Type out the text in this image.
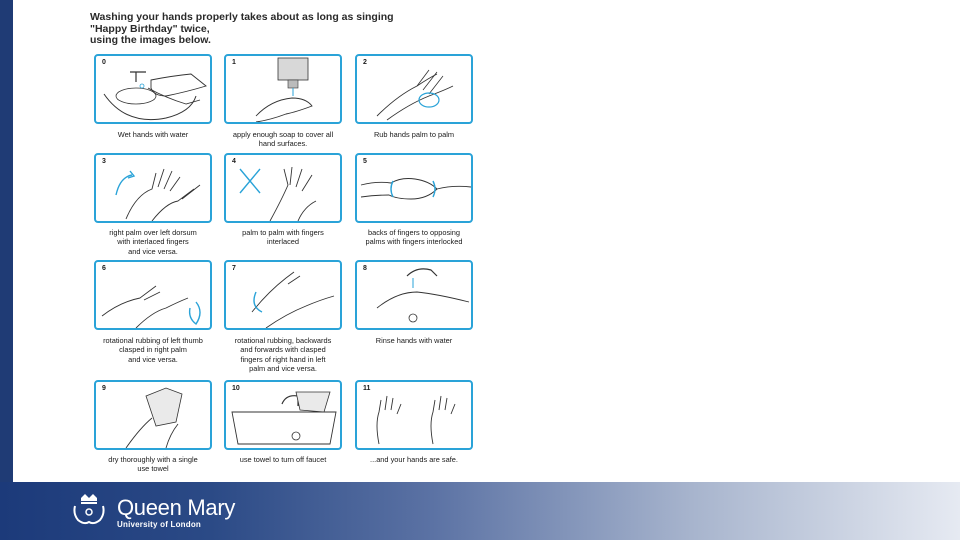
Washing your hands properly takes about as long as singing
"Happy Birthday" twice,
using the images below.
0	1	2
Wet hands with water	apply enough soap to cover all
hand surfaces.
Rub hands palm to palm
3	4	5
right palm over left dorsum
with interlaced fingers
and vice versa.
palm to palm with fingers
interlaced
backs of fingers to opposing
palms with fingers interlocked
6	7	8
rotational rubbing of left thumb
clasped in right palm
and vice versa.
rotational rubbing, backwards
and forwards with clasped
fingers of right hand in left
palm and vice versa.
Rinse hands with water
9	10	11
dry thoroughly with a single
use towel
use towel to turn off faucet	...and your hands are safe.
Queen Mary
University of London
